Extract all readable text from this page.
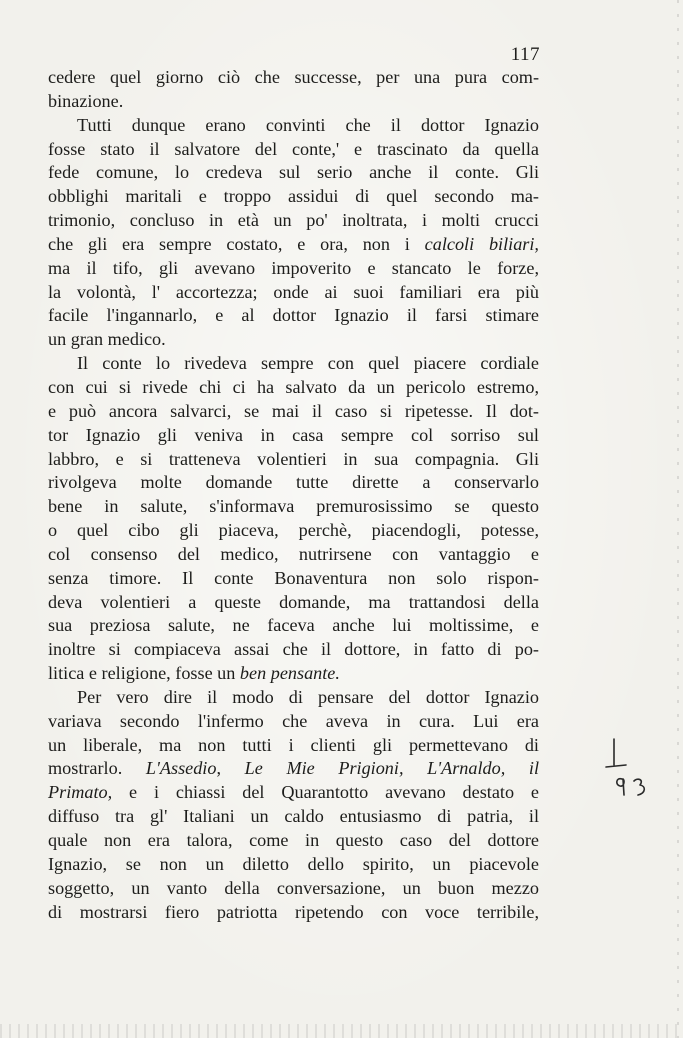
117
cedere quel giorno ciò che successe, per una pura com-
binazione.
Tutti dunque erano convinti che il dottor Ignazio
fosse stato il salvatore del conte,' e trascinato da quella
fede comune, lo credeva sul serio anche il conte. Gli
obblighi maritali e troppo assidui di quel secondo ma-
trimonio, concluso in età un po' inoltrata, i molti crucci
che gli era sempre costato, e ora, non i calcoli biliari,
ma il tifo, gli avevano impoverito e stancato le forze,
la volontà, l' accortezza; onde ai suoi familiari era più
facile l'ingannarlo, e al dottor Ignazio il farsi stimare
un gran medico.
Il conte lo rivedeva sempre con quel piacere cordiale
con cui si rivede chi ci ha salvato da un pericolo estremo,
e può ancora salvarci, se mai il caso si ripetesse. Il dot-
tor Ignazio gli veniva in casa sempre col sorriso sul
labbro, e si tratteneva volentieri in sua compagnia. Gli
rivolgeva molte domande tutte dirette a conservarlo
bene in salute, s'informava premurosissimo se questo
o quel cibo gli piaceva, perchè, piacendogli, potesse,
col consenso del medico, nutrirsene con vantaggio e
senza timore. Il conte Bonaventura non solo rispon-
deva volentieri a queste domande, ma trattandosi della
sua preziosa salute, ne faceva anche lui moltissime, e
inoltre si compiaceva assai che il dottore, in fatto di po-
litica e religione, fosse un ben pensante.
Per vero dire il modo di pensare del dottor Ignazio
variava secondo l'infermo che aveva in cura. Lui era
un liberale, ma non tutti i clienti gli permettevano di
mostrarlo. L'Assedio, Le Mie Prigioni, L'Arnaldo, il
Primato, e i chiassi del Quarantotto avevano destato e
diffuso tra gl' Italiani un caldo entusiasmo di patria, il
quale non era talora, come in questo caso del dottore
Ignazio, se non un diletto dello spirito, un piacevole
soggetto, un vanto della conversazione, un buon mezzo
di mostrarsi fiero patriotta ripetendo con voce terribile,
